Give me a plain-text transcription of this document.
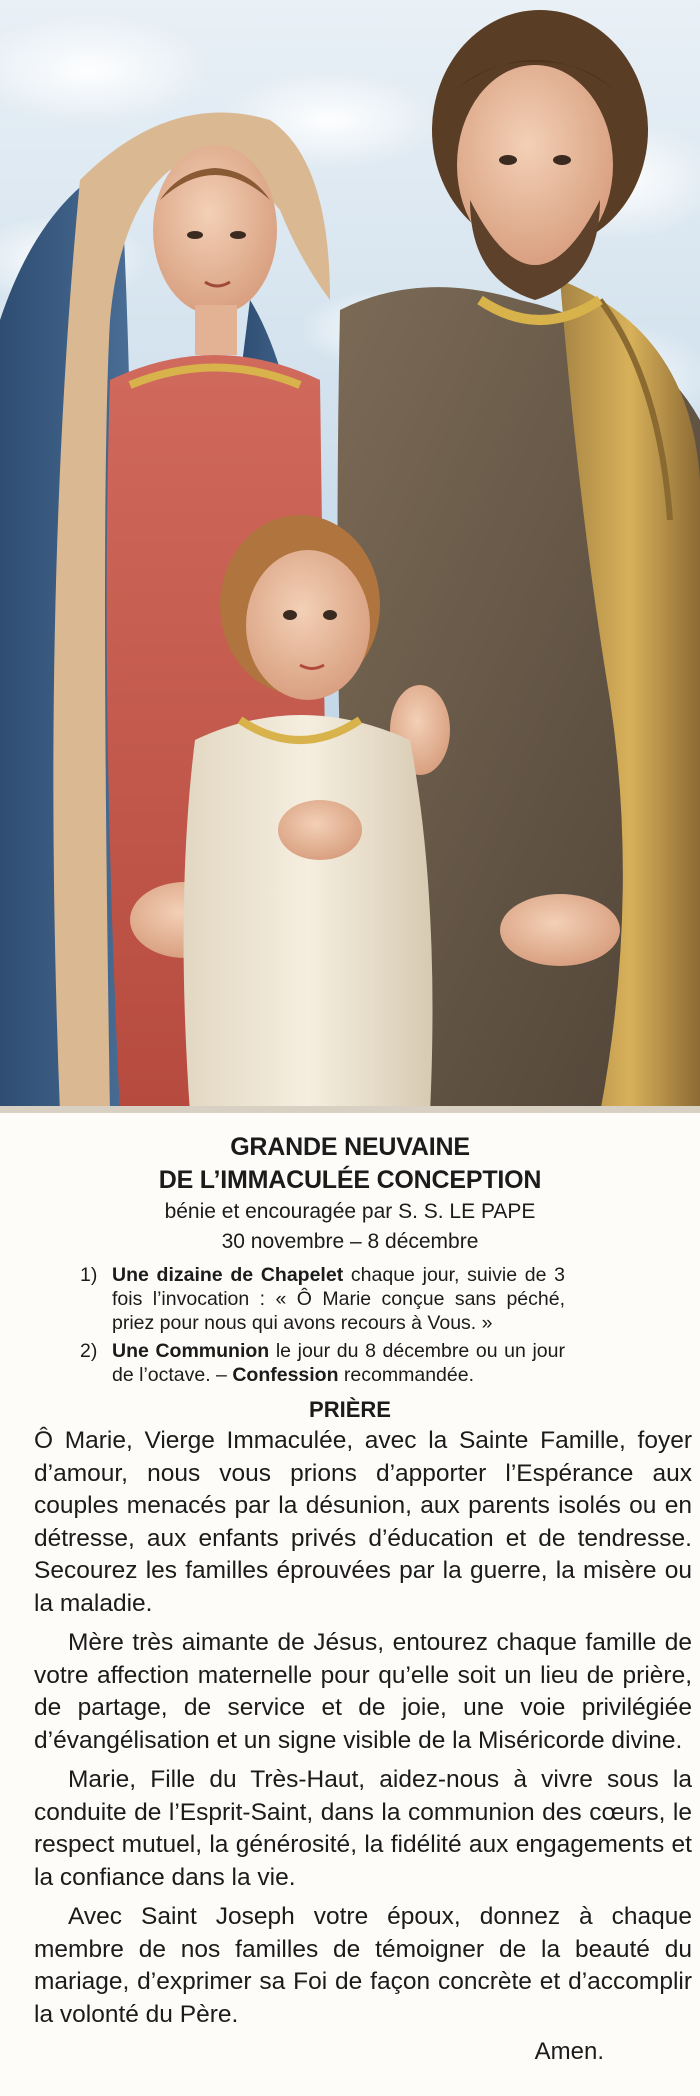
GRANDE NEUVAINE
DE L’IMMACULÉE CONCEPTION
bénie et encouragée par S. S. LE PAPE
30 novembre – 8 décembre
1) Une dizaine de Chapelet chaque jour, suivie de 3 fois l’invocation : « Ô Marie conçue sans péché, priez pour nous qui avons recours à Vous. »
2) Une Communion le jour du 8 décembre ou un jour de l’octave. – Confession recommandée.
PRIÈRE

Ô Marie, Vierge Immaculée, avec la Sainte Famille, foyer d’amour, nous vous prions d’apporter l’Espérance aux couples menacés par la désunion, aux parents isolés ou en détresse, aux enfants privés d’éducation et de tendresse. Secourez les familles éprouvées par la guerre, la misère ou la maladie.

Mère très aimante de Jésus, entourez chaque famille de votre affection maternelle pour qu’elle soit un lieu de prière, de partage, de service et de joie, une voie privilégiée d’évangélisation et un signe visible de la Miséricorde divine.

Marie, Fille du Très-Haut, aidez-nous à vivre sous la conduite de l’Esprit-Saint, dans la communion des cœurs, le respect mutuel, la générosité, la fidélité aux engagements et la confiance dans la vie.

Avec Saint Joseph votre époux, donnez à chaque membre de nos familles de témoigner de la beauté du mariage, d’exprimer sa Foi de façon concrète et d’accomplir la volonté du Père.

Amen.
